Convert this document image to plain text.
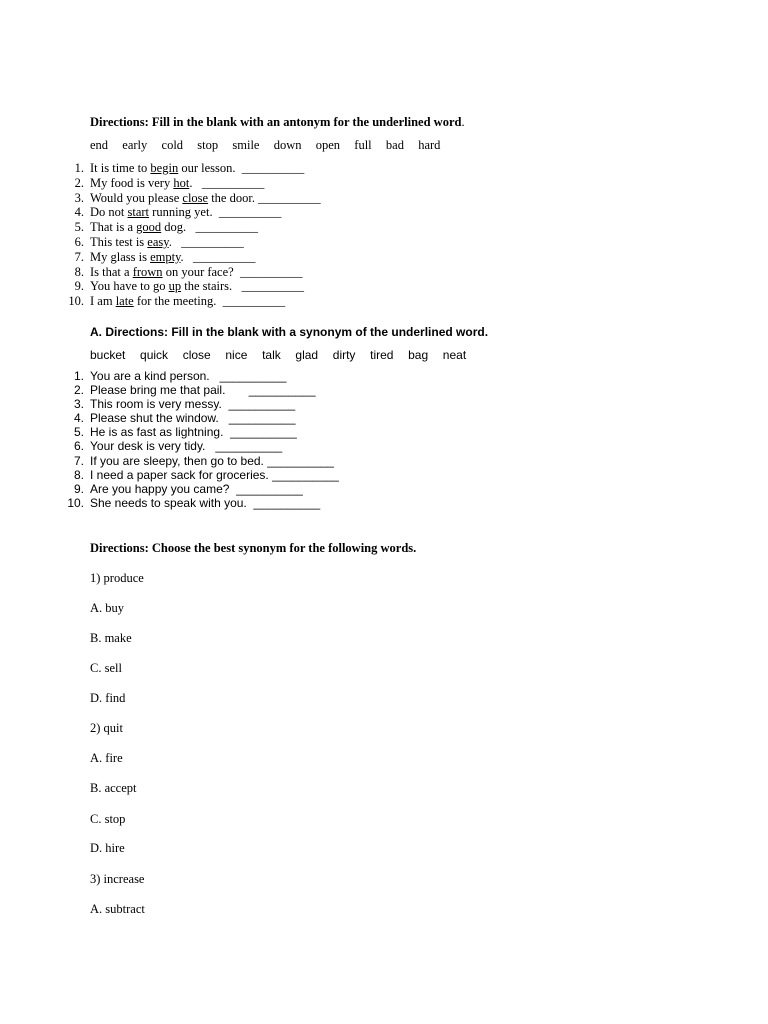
Directions: Fill in the blank with an antonym for the underlined word.
end  early  cold  stop  smile  down  open  full  bad  hard
1. It is time to begin our lesson.  __________
2. My food is very hot.   __________
3. Would you please close the door. __________
4. Do not start running yet.  __________
5. That is a good dog.   __________
6. This test is easy.   __________
7. My glass is empty.   __________
8. Is that a frown on your face?  __________
9. You have to go up the stairs.   __________
10. I am late for the meeting.  __________
A. Directions: Fill in the blank with a synonym of the underlined word.
bucket  quick  close  nice  talk  glad  dirty  tired  bag  neat
1. You are a kind person.   __________
2. Please bring me that pail.       __________
3. This room is very messy.  __________
4. Please shut the window.   __________
5. He is as fast as lightning.  __________
6. Your desk is very tidy.   __________
7. If you are sleepy, then go to bed. __________
8. I need a paper sack for groceries. __________
9. Are you happy you came?  __________
10. She needs to speak with you.  __________
Directions: Choose the best synonym for the following words.
1) produce
A. buy
B. make
C. sell
D. find
2) quit
A. fire
B. accept
C. stop
D. hire
3) increase
A. subtract
